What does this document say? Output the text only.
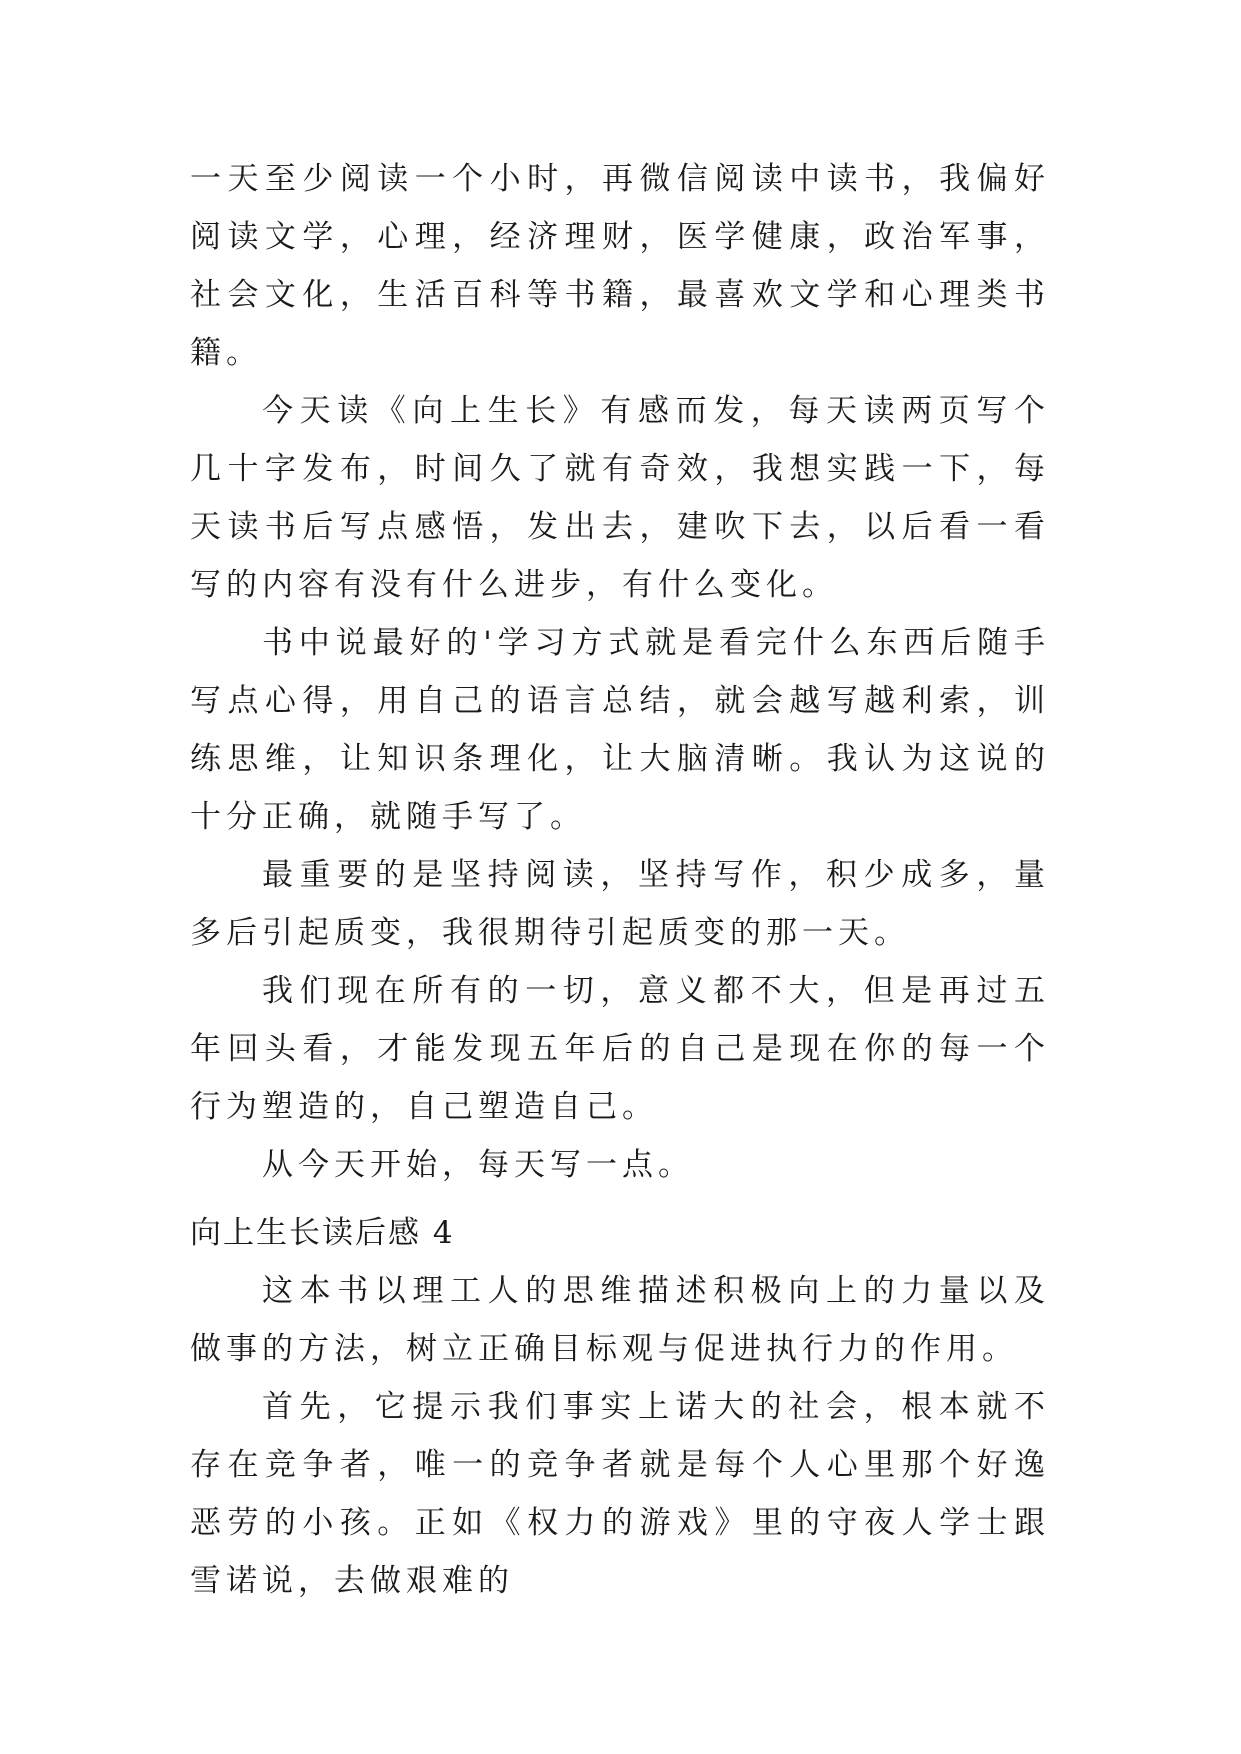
一天至少阅读一个小时，再微信阅读中读书，我偏好阅读文学，心理，经济理财，医学健康，政治军事，社会文化，生活百科等书籍，最喜欢文学和心理类书籍。

今天读《向上生长》有感而发，每天读两页写个几十字发布，时间久了就有奇效，我想实践一下，每天读书后写点感悟，发出去，建吹下去，以后看一看写的内容有没有什么进步，有什么变化。

书中说最好的'学习方式就是看完什么东西后随手写点心得，用自己的语言总结，就会越写越利索，训练思维，让知识条理化，让大脑清晰。我认为这说的十分正确，就随手写了。

最重要的是坚持阅读，坚持写作，积少成多，量多后引起质变，我很期待引起质变的那一天。

我们现在所有的一切，意义都不大，但是再过五年回头看，才能发现五年后的自己是现在你的每一个行为塑造的，自己塑造自己。

从今天开始，每天写一点。

向上生长读后感 4

这本书以理工人的思维描述积极向上的力量以及做事的方法，树立正确目标观与促进执行力的作用。

首先，它提示我们事实上诺大的社会，根本就不存在竞争者，唯一的竞争者就是每个人心里那个好逸恶劳的小孩。正如《权力的游戏》里的守夜人学士跟雪诺说，去做艰难的
